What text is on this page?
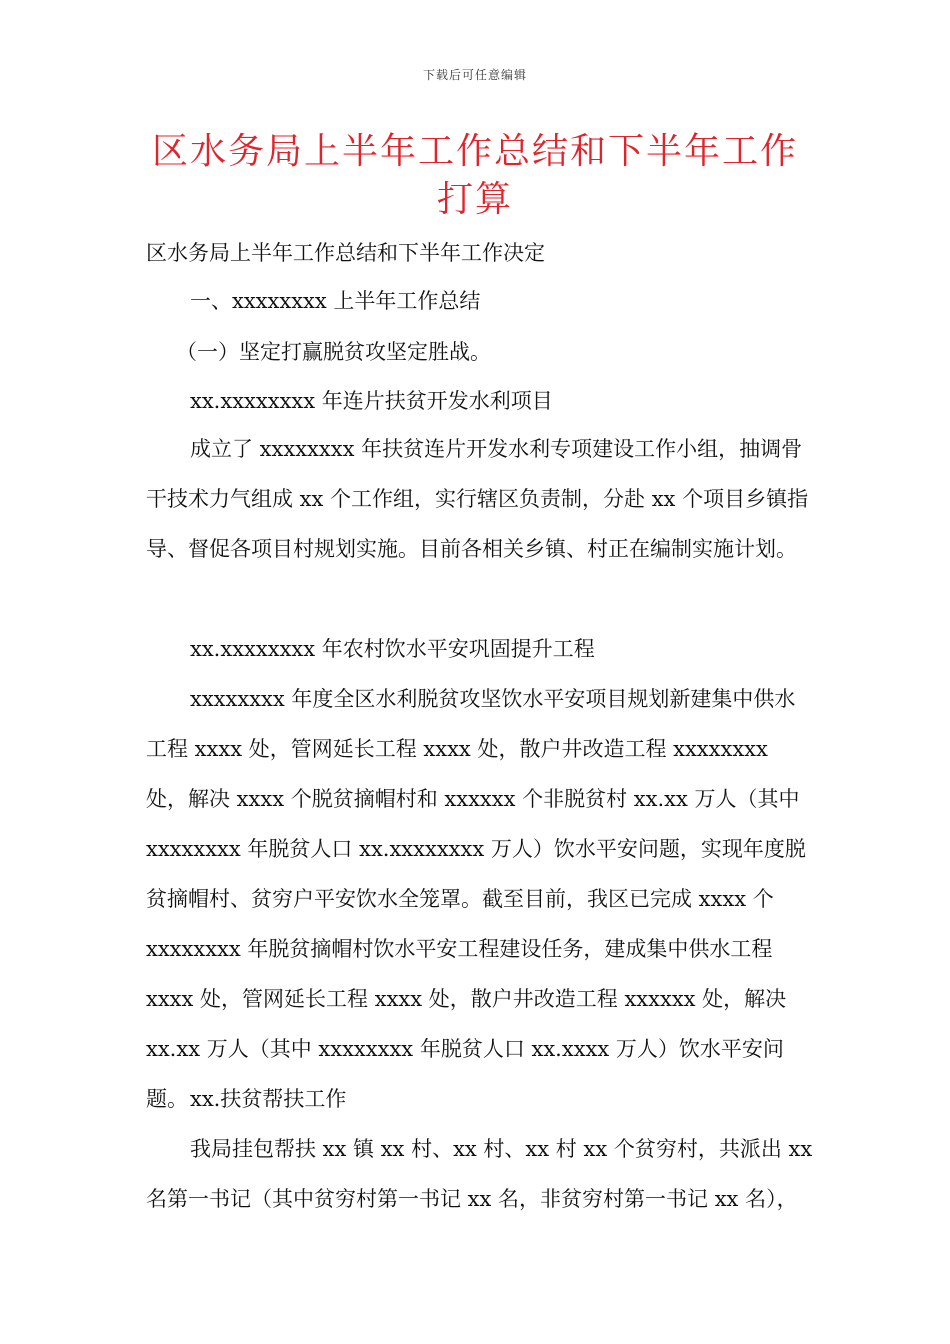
下载后可任意编辑
区水务局上半年工作总结和下半年工作打算

区水务局上半年工作总结和下半年工作决定

一、xxxxxxxx 上半年工作总结

（一）坚定打赢脱贫攻坚定胜战。

xx.xxxxxxxx 年连片扶贫开发水利项目

成立了 xxxxxxxx 年扶贫连片开发水利专项建设工作小组，抽调骨干技术力气组成 xx 个工作组，实行辖区负责制，分赴 xx 个项目乡镇指导、督促各项目村规划实施。目前各相关乡镇、村正在编制实施计划。

xx.xxxxxxxx 年农村饮水平安巩固提升工程

xxxxxxxx 年度全区水利脱贫攻坚饮水平安项目规划新建集中供水工程 xxxx 处，管网延长工程 xxxx 处，散户井改造工程 xxxxxxxx 处，解决 xxxx 个脱贫摘帽村和 xxxxxx 个非脱贫村 xx.xx 万人（其中 xxxxxxxx 年脱贫人口 xx.xxxxxxxx 万人）饮水平安问题，实现年度脱贫摘帽村、贫穷户平安饮水全笼罩。截至目前，我区已完成 xxxx 个 xxxxxxxx 年脱贫摘帽村饮水平安工程建设任务，建成集中供水工程 xxxx 处，管网延长工程 xxxx 处，散户井改造工程 xxxxxx 处，解决 xx.xx 万人（其中 xxxxxxxx 年脱贫人口 xx.xxxx 万人）饮水平安问题。 xx.扶贫帮扶工作

我局挂包帮扶 xx 镇 xx 村、xx 村、xx 村 xx 个贫穷村，共派出 xx 名第一书记（其中贫穷村第一书记 xx 名，非贫穷村第一书记 xx 名），
